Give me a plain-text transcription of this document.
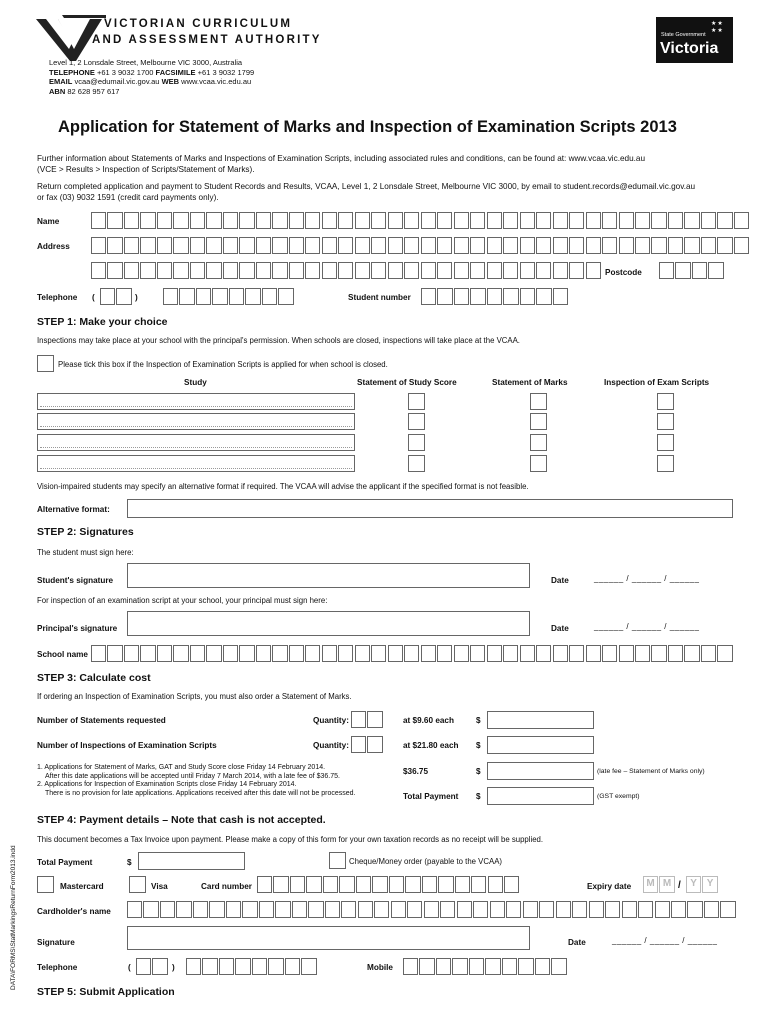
VICTORIAN CURRICULUM
AND ASSESSMENT AUTHORITY
Level 1, 2 Lonsdale Street, Melbourne VIC 3000, Australia
TELEPHONE +61 3 9032 1700 FACSIMILE +61 3 9032 1799
EMAIL vcaa@edumail.vic.gov.au WEB www.vcaa.vic.edu.au
ABN 82 628 957 617
★★
★★
State Government
Victoria
Application for Statement of Marks and Inspection of Examination Scripts 2013
Further information about Statements of Marks and Inspections of Examination Scripts, including associated rules and conditions, can be found at: www.vcaa.vic.edu.au
(VCE > Results > Inspection of Scripts/Statement of Marks).
Return completed application and payment to Student Records and Results, VCAA, Level 1, 2 Lonsdale Street, Melbourne VIC 3000, by email to student.records@edumail.vic.gov.au
or fax (03) 9032 1591 (credit card payments only).
Name
Address
Postcode
Telephone (	)	Student number
STEP 1: Make your choice
Inspections may take place at your school with the principal's permission. When schools are closed, inspections will take place at the VCAA.
Please tick this box if the Inspection of Examination Scripts is applied for when school is closed.
Study	Statement of Study Score	Statement of Marks	Inspection of Exam Scripts
Vision-impaired students may specify an alternative format if required. The VCAA will advise the applicant if the specified format is not feasible.
Alternative format:
STEP 2: Signatures
The student must sign here:
Student's signature	Date	______ / ______ / ______
For inspection of an examination script at your school, your principal must sign here:
Principal's signature	Date	______ / ______ / ______
School name
STEP 3: Calculate cost
If ordering an Inspection of Examination Scripts, you must also order a Statement of Marks.
Number of Statements requested	Quantity:	at $9.60 each	$
Number of Inspections of Examination Scripts	Quantity:	at $21.80 each $
1. Applications for Statement of Marks, GAT and Study Score close Friday 14 February 2014.
After this date applications will be accepted until Friday 7 March 2014, with a late fee of $36.75.
2. Applications for Inspection of Examination Scripts close Friday 14 February 2014.
There is no provision for late applications. Applications received after this date will not be processed.
$36.75	$	(late fee – Statement of Marks only)
Total Payment $	(GST exempt)
STEP 4: Payment details – Note that cash is not accepted.
This document becomes a Tax Invoice upon payment. Please make a copy of this form for your own taxation records as no receipt will be supplied.
Total Payment	$	Cheque/Money order (payable to the VCAA)
Mastercard	Visa	Card number	Expiry date	M M / Y Y
Cardholder's name
Signature	Date	______ / ______ / ______
Telephone	(	)	Mobile
STEP 5: Submit Application
DATA\FORMS\StatMarkingsReturnForm2013.indd
